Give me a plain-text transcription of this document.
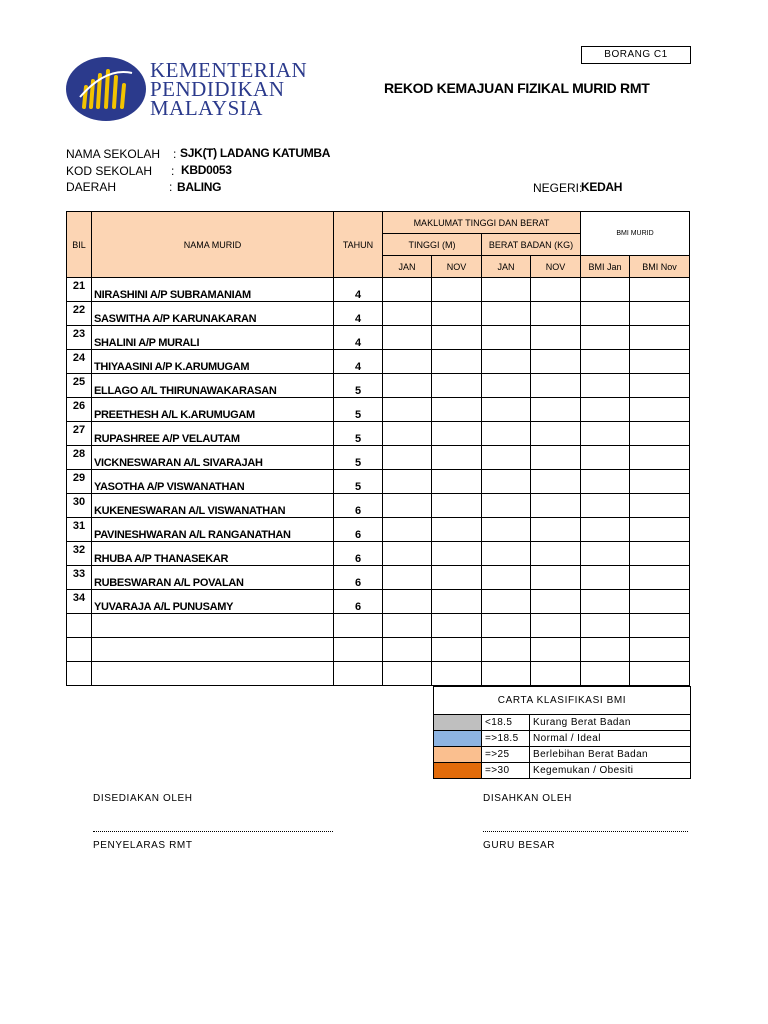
BORANG C1
KEMENTERIAN
PENDIDIKAN
MALAYSIA
REKOD KEMAJUAN FIZIKAL MURID RMT
NAMA SEKOLAH : SJK(T) LADANG KATUMBA
KOD SEKOLAH : KBD0053
DAERAH	: BALING	NEGERI:
KEDAH
BIL	NAMA MURID	TAHUN	MAKLUMAT TINGGI DAN BERAT				BMI MURID	
			TINGGI (M)		BERAT BADAN (KG)			
			JAN	NOV	JAN	NOV	BMI Jan	BMI Nov
21	NIRASHINI A/P SUBRAMANIAM	4						
22	SASWITHA A/P KARUNAKARAN	4						
23	SHALINI A/P MURALI	4						
24	THIYAASINI A/P K.ARUMUGAM	4						
25	ELLAGO A/L THIRUNAWAKARASAN	5						
26	PREETHESH A/L K.ARUMUGAM	5						
27	RUPASHREE A/P VELAUTAM	5						
28	VICKNESWARAN A/L SIVARAJAH	5						
29	YASOTHA A/P VISWANATHAN	5						
30	KUKENESWARAN A/L VISWANATHAN	6						
31	PAVINESHWARAN A/L RANGANATHAN	6						
32	RHUBA A/P THANASEKAR	6						
33	RUBESWARAN A/L POVALAN	6						
34	YUVARAJA A/L PUNUSAMY	6						

CARTA KLASIFIKASI BMI		
	<18.5	Kurang Berat Badan
	=>18.5	Normal / Ideal
	=>25	Berlebihan Berat Badan
	=>30	Kegemukan / Obesiti
DISEDIAKAN OLEH
PENYELARAS RMT
DISAHKAN OLEH
GURU BESAR
